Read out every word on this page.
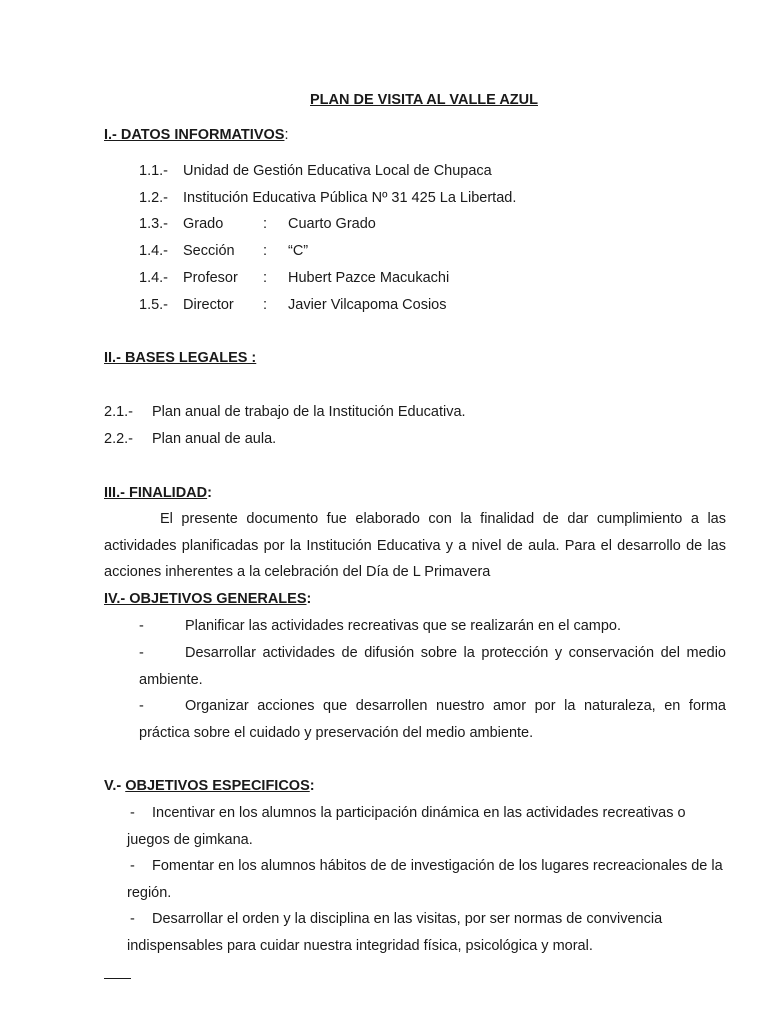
PLAN DE VISITA AL VALLE AZUL
I.- DATOS INFORMATIVOS:
1.1.- Unidad de Gestión Educativa Local de Chupaca
1.2.- Institución Educativa Pública Nº 31 425 La Libertad.
1.3.- Grado	: Cuarto Grado
1.4.- Sección : “C”
1.4.- Profesor : Hubert Pazce Macukachi
1.5.- Director : Javier Vilcapoma Cosios
II.- BASES LEGALES :
2.1.- Plan anual de trabajo de la Institución Educativa.
2.2.- Plan anual de aula.
III.- FINALIDAD:
El presente documento fue elaborado con la finalidad de dar cumplimiento a las actividades planificadas por la Institución Educativa y a nivel de aula. Para el desarrollo de las acciones inherentes a la celebración del Día de L Primavera
IV.- OBJETIVOS GENERALES:
-	Planificar las actividades recreativas que se realizarán en el campo.
-	Desarrollar actividades de difusión sobre la protección y conservación del medio ambiente.
-	Organizar acciones que desarrollen nuestro amor por la naturaleza, en forma práctica sobre el cuidado y preservación del medio ambiente.
V.- OBJETIVOS ESPECIFICOS:
- Incentivar en los alumnos la participación dinámica en las actividades recreativas o juegos de gimkana.
- Fomentar en los alumnos hábitos de de investigación de los lugares recreacionales de la región.
- Desarrollar el orden y la disciplina en las visitas, por ser normas de convivencia indispensables para cuidar nuestra integridad física, psicológica y moral.
